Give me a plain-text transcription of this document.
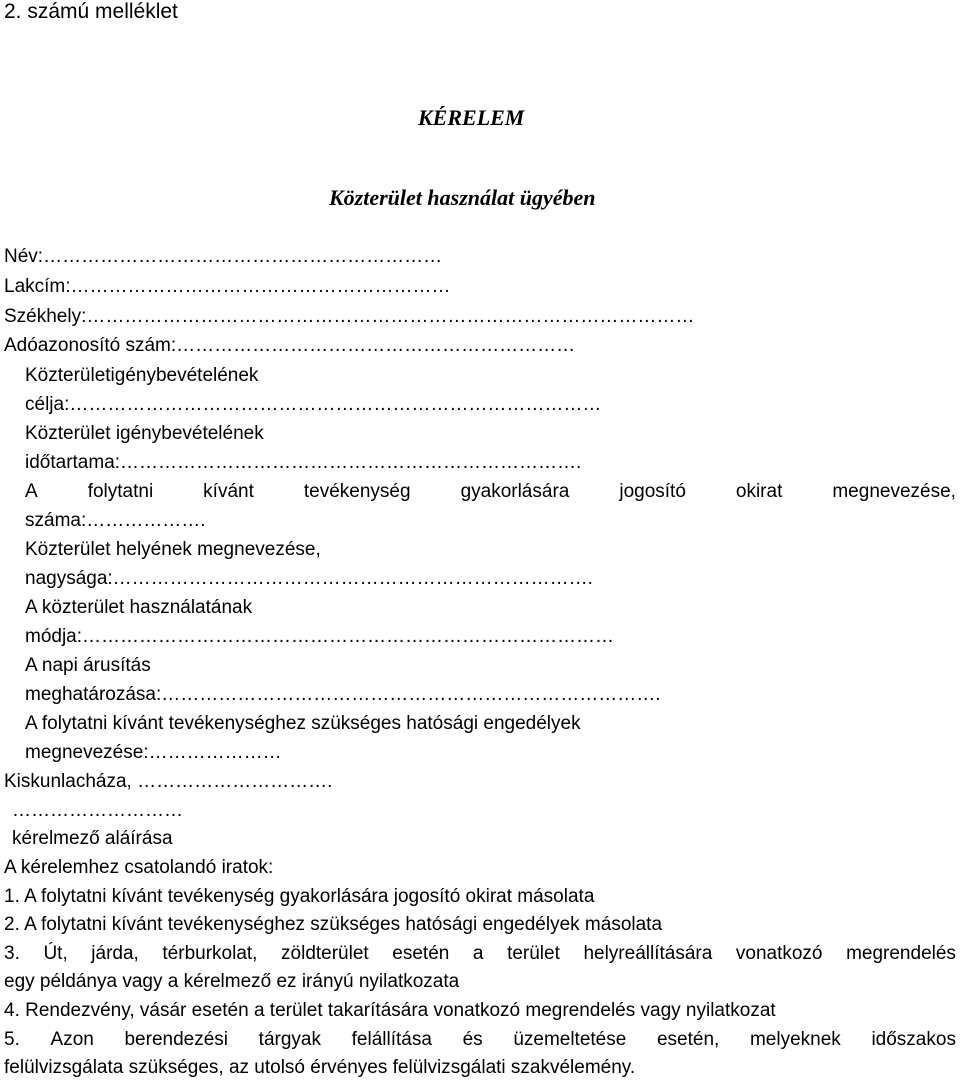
2. számú melléklet
KÉRELEM
Közterület használat ügyében
Név:………………………………………………………
Lakcím:……………………………………………………
Székhely:……………………………………………………………………………………
Adóazonosító szám:………………………………………………………
Közterületigénybevételének
célja:…………………………………………………………………………
Közterület igénybevételének
időtartama:……………………………………………………………….
A	folytatni	kívánt	tevékenység	gyakorlására	jogosító	okirat	megnevezése,
száma:……………….
Közterület helyének megnevezése,
nagysága:………………………………………………………………….
A közterület használatának
módja:…………………………………………………………………………
A napi árusítás
meghatározása:…………………………………………………………………….
A folytatni kívánt tevékenységhez szükséges hatósági engedélyek
megnevezése:…………………
Kiskunlacháza, ………………………….
………………………
kérelmező aláírása
A kérelemhez csatolandó iratok:
1. A folytatni kívánt tevékenység gyakorlására jogosító okirat másolata
2. A folytatni kívánt tevékenységhez szükséges hatósági engedélyek másolata
3. Út, járda, térburkolat, zöldterület esetén a terület helyreállítására vonatkozó megrendelés
egy példánya vagy a kérelmező ez irányú nyilatkozata
4. Rendezvény, vásár esetén a terület takarítására vonatkozó megrendelés vagy nyilatkozat
5. Azon berendezési tárgyak felállítása és üzemeltetése esetén, melyeknek időszakos
felülvizsgálata szükséges, az utolsó érvényes felülvizsgálati szakvélemény.
